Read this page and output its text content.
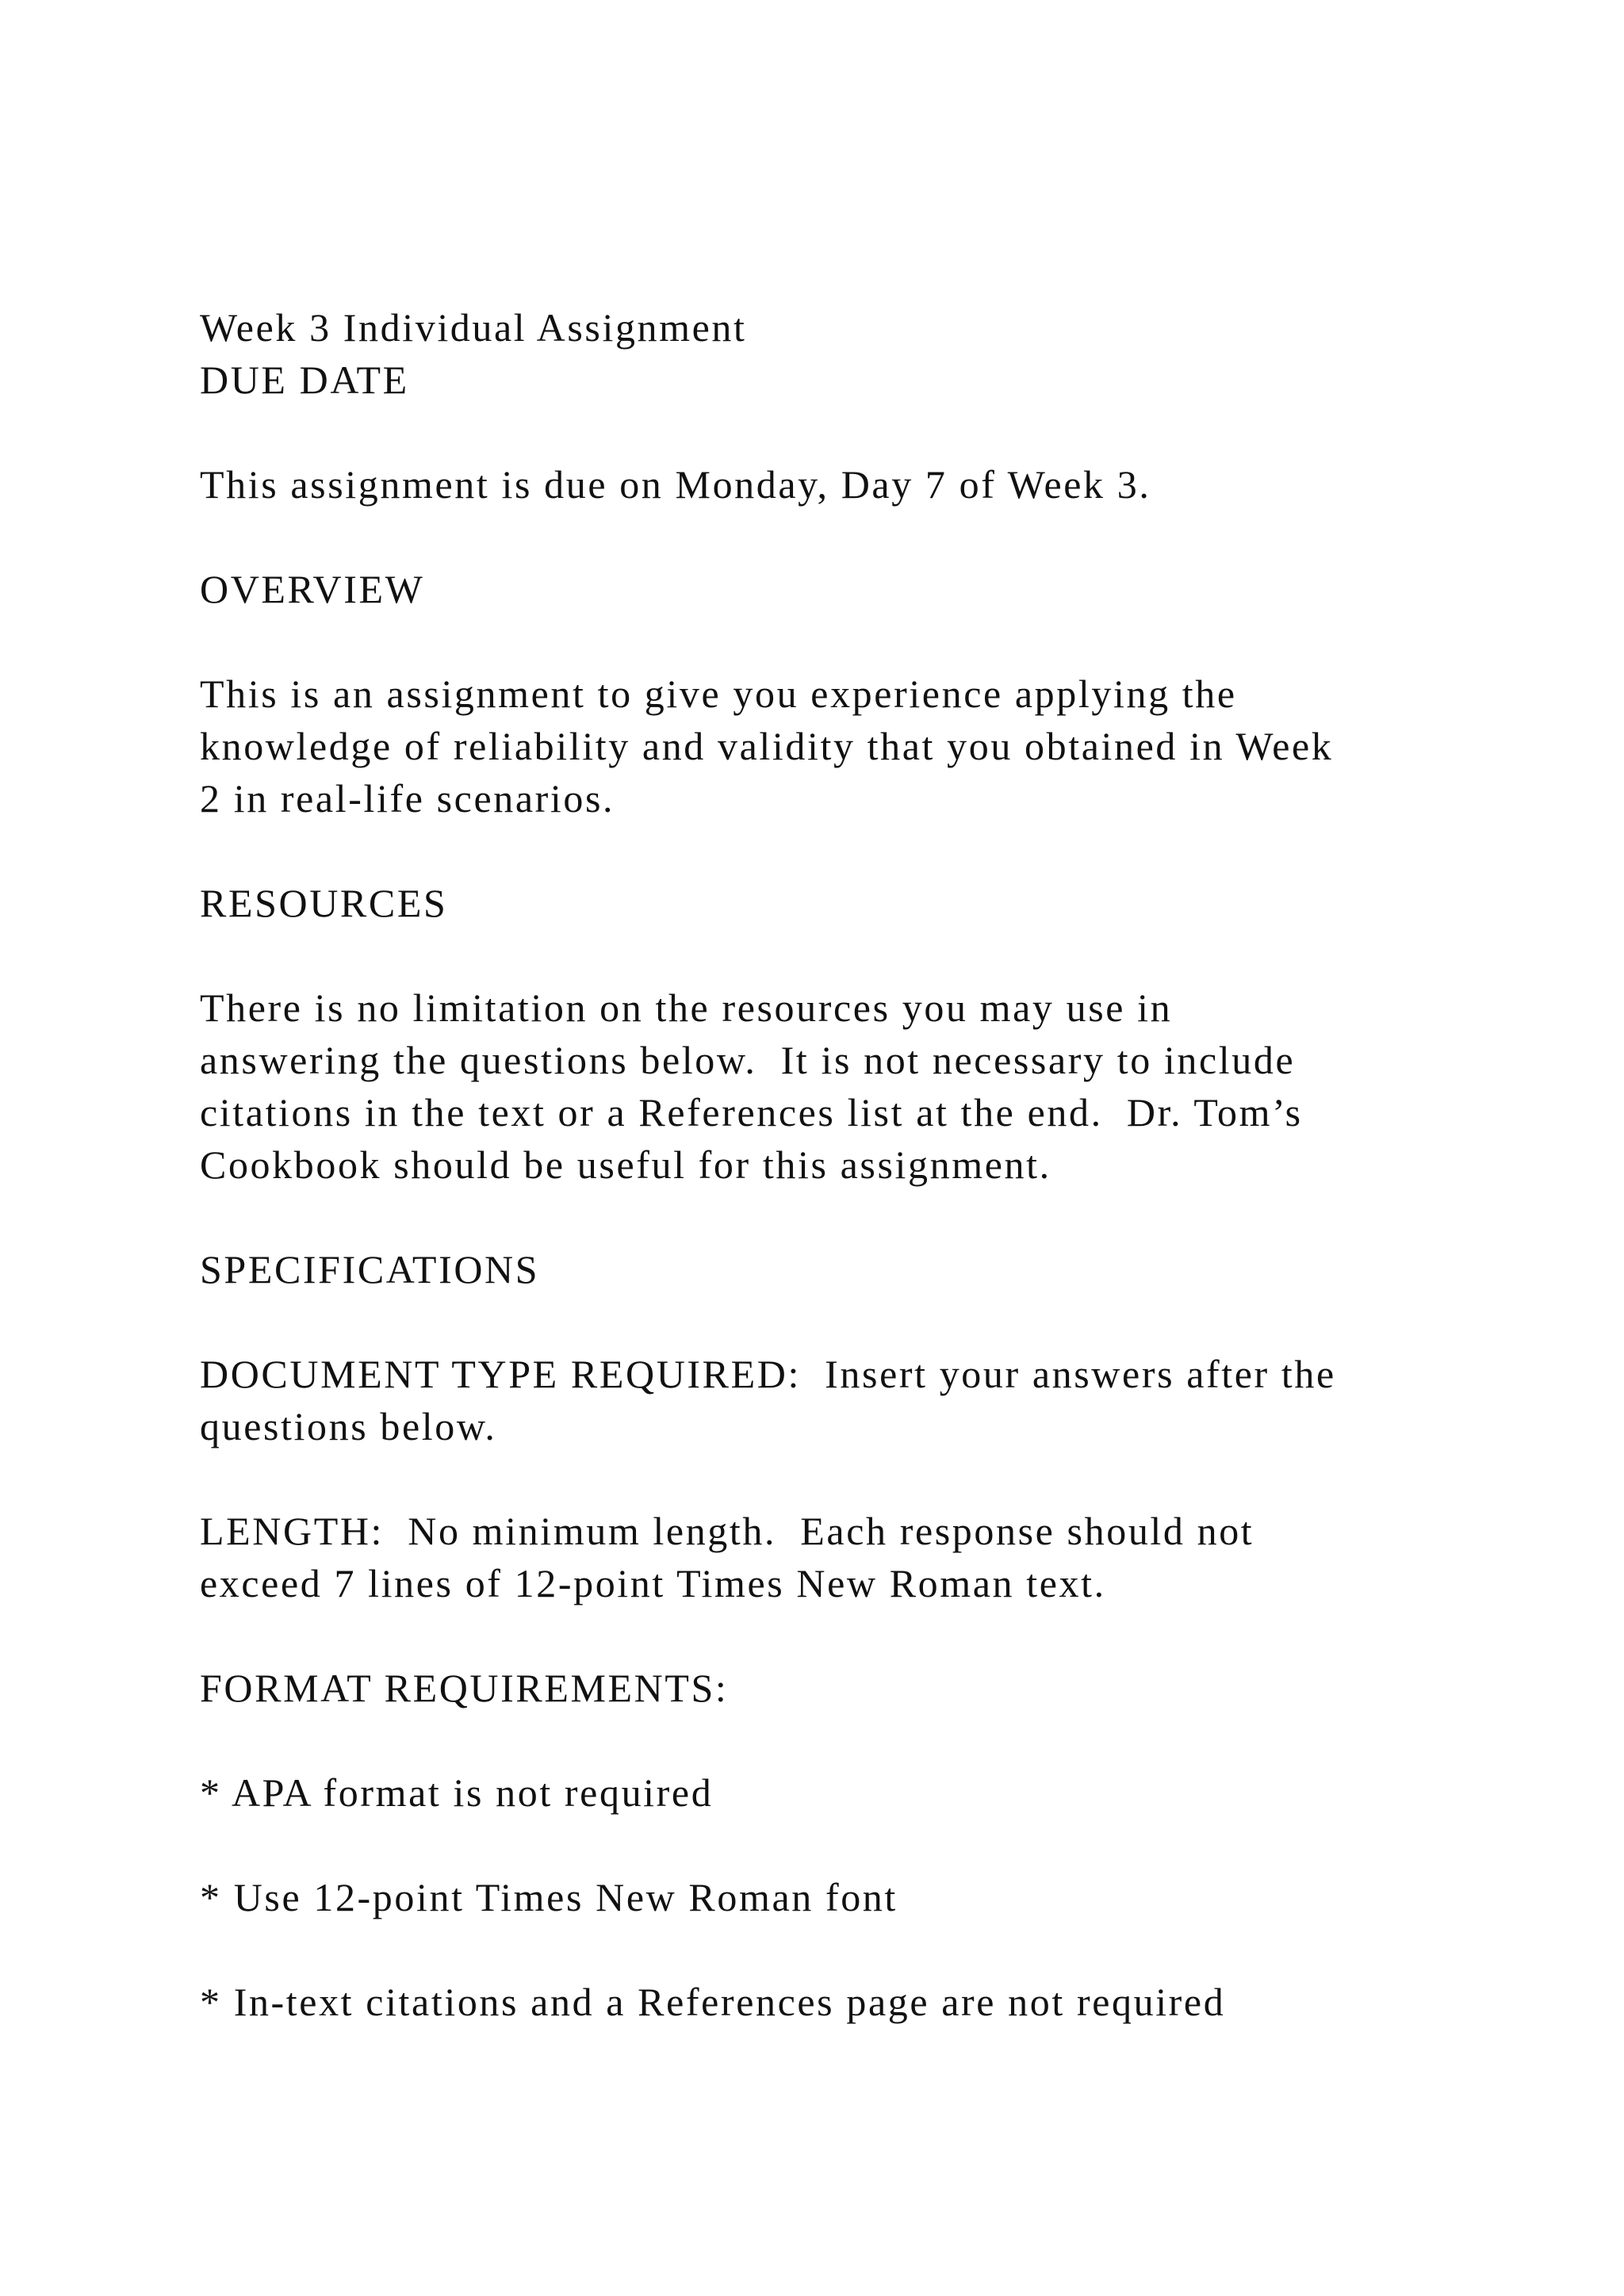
Week 3 Individual Assignment
DUE DATE
This assignment is due on Monday, Day 7 of Week 3.
OVERVIEW
This is an assignment to give you experience applying the
knowledge of reliability and validity that you obtained in Week
2 in real-life scenarios.
RESOURCES
There is no limitation on the resources you may use in
answering the questions below.  It is not necessary to include
citations in the text or a References list at the end.  Dr. Tom’s
Cookbook should be useful for this assignment.
SPECIFICATIONS
DOCUMENT TYPE REQUIRED:  Insert your answers after the
questions below.
LENGTH:  No minimum length.  Each response should not
exceed 7 lines of 12-point Times New Roman text.
FORMAT REQUIREMENTS:
* APA format is not required
* Use 12-point Times New Roman font
* In-text citations and a References page are not required
